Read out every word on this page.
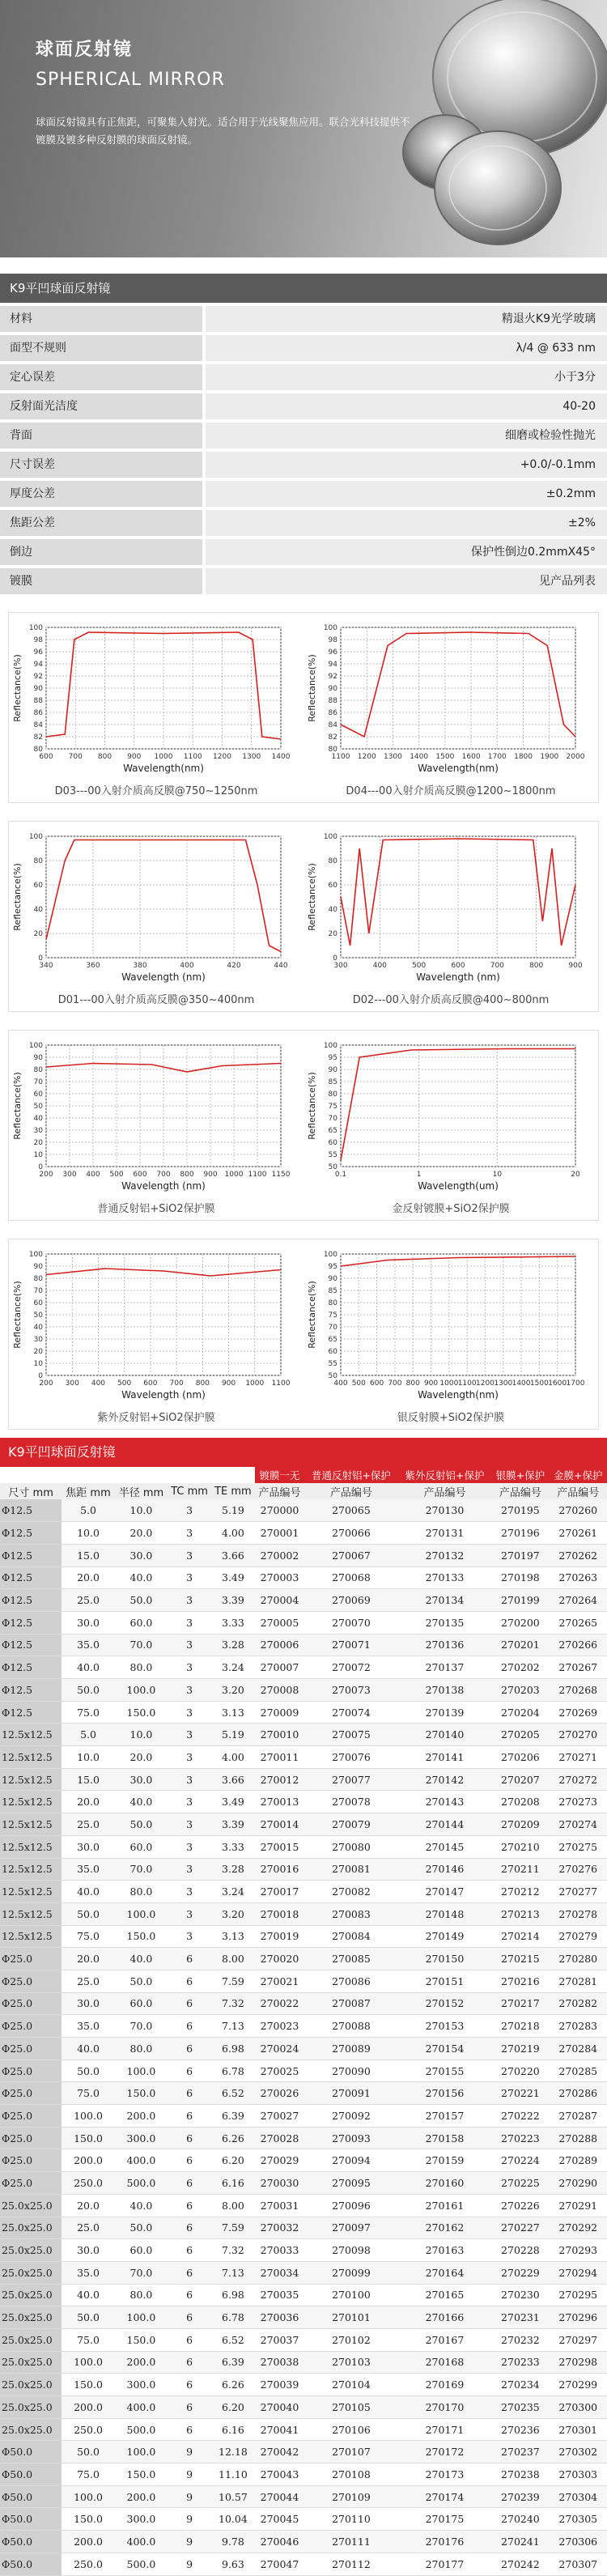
球面反射镜
SPHERICAL MIRROR
球面反射镜具有正焦距，可聚集入射光。适合用于光线聚焦应用。联合光科技提供不镀膜及镀多种反射膜的球面反射镜。
K9平凹球面反射镜
材料	精退火K9光学玻璃
面型不规则	λ/4 @ 633 nm
定心误差	小于3分
反射面光洁度	40-20
背面	细磨或检验性抛光
尺寸误差	+0.0/-0.1mm
厚度公差	±0.2mm
焦距公差	±2%
倒边	保护性倒边0.2mmX45°
镀膜	见产品列表
600 700 800 900 1000 1100 1200 1300 1400
80
82
84
86
88
90
92
94
96
98
100
Wavelength(nm)
Reflectance(%)
D03---00入射介质高反膜@750~1250nm
1100 1200 1300 1400 1500 1600 1700 1800 1900 2000
80
82
84
86
88
90
92
94
96
98
100
Wavelength(nm)
Reflectance(%)
D04---00入射介质高反膜@1200~1800nm
340	360	380	400	420	440
0
20
40
60
80
100
Wavelength (nm)
Reflectance(%)
D01---00入射介质高反膜@350~400nm
300	400	500	600	700	800	900
0
20
40
60
80
100
Wavelength (nm)
Reflectance(%)
D02---00入射介质高反膜@400~800nm
200 300 400 500 600 700 800 900 1000 1100 1150
0
10
20
30
40
50
60
70
80
90
100
Wavelength (nm)
Reflectance(%)
普通反射铝+SiO2保护膜
0.1	1	10	20
50
55
60
65
70
75
80
85
90
95
100
Wavelength(um)
Reflectance(%)
金反射镀膜+SiO2保护膜
200 300 400 500 600 700 800 900 1000 1100
0
10
20
30
40
50
60
70
80
90
100
Wavelength (nm)
Reflectance(%)
紫外反射铝+SiO2保护膜
400 500 600 700 800 900 1000 1100 1200 1300 1400 1500 1600 1700
50
55
60
65
70
75
80
85
90
95
100
Wavelength(nm)
Reflectance(%)
银反射膜+SiO2保护膜
K9平凹球面反射镜
					镀膜一无	普通反射铝+保护	紫外反射铝+保护	银膜+保护	金膜+保护
尺寸 mm	焦距 mm	半径 mm	TC mm	TE mm	产品编号	产品编号	产品编号	产品编号	产品编号
Φ12.5	5.0	10.0	3	5.19	270000	270065	270130	270195	270260
Φ12.5	10.0	20.0	3	4.00	270001	270066	270131	270196	270261
Φ12.5	15.0	30.0	3	3.66	270002	270067	270132	270197	270262
Φ12.5	20.0	40.0	3	3.49	270003	270068	270133	270198	270263
Φ12.5	25.0	50.0	3	3.39	270004	270069	270134	270199	270264
Φ12.5	30.0	60.0	3	3.33	270005	270070	270135	270200	270265
Φ12.5	35.0	70.0	3	3.28	270006	270071	270136	270201	270266
Φ12.5	40.0	80.0	3	3.24	270007	270072	270137	270202	270267
Φ12.5	50.0	100.0	3	3.20	270008	270073	270138	270203	270268
Φ12.5	75.0	150.0	3	3.13	270009	270074	270139	270204	270269
12.5x12.5	5.0	10.0	3	5.19	270010	270075	270140	270205	270270
12.5x12.5	10.0	20.0	3	4.00	270011	270076	270141	270206	270271
12.5x12.5	15.0	30.0	3	3.66	270012	270077	270142	270207	270272
12.5x12.5	20.0	40.0	3	3.49	270013	270078	270143	270208	270273
12.5x12.5	25.0	50.0	3	3.39	270014	270079	270144	270209	270274
12.5x12.5	30.0	60.0	3	3.33	270015	270080	270145	270210	270275
12.5x12.5	35.0	70.0	3	3.28	270016	270081	270146	270211	270276
12.5x12.5	40.0	80.0	3	3.24	270017	270082	270147	270212	270277
12.5x12.5	50.0	100.0	3	3.20	270018	270083	270148	270213	270278
12.5x12.5	75.0	150.0	3	3.13	270019	270084	270149	270214	270279
Φ25.0	20.0	40.0	6	8.00	270020	270085	270150	270215	270280
Φ25.0	25.0	50.0	6	7.59	270021	270086	270151	270216	270281
Φ25.0	30.0	60.0	6	7.32	270022	270087	270152	270217	270282
Φ25.0	35.0	70.0	6	7.13	270023	270088	270153	270218	270283
Φ25.0	40.0	80.0	6	6.98	270024	270089	270154	270219	270284
Φ25.0	50.0	100.0	6	6.78	270025	270090	270155	270220	270285
Φ25.0	75.0	150.0	6	6.52	270026	270091	270156	270221	270286
Φ25.0	100.0	200.0	6	6.39	270027	270092	270157	270222	270287
Φ25.0	150.0	300.0	6	6.26	270028	270093	270158	270223	270288
Φ25.0	200.0	400.0	6	6.20	270029	270094	270159	270224	270289
Φ25.0	250.0	500.0	6	6.16	270030	270095	270160	270225	270290
25.0x25.0	20.0	40.0	6	8.00	270031	270096	270161	270226	270291
25.0x25.0	25.0	50.0	6	7.59	270032	270097	270162	270227	270292
25.0x25.0	30.0	60.0	6	7.32	270033	270098	270163	270228	270293
25.0x25.0	35.0	70.0	6	7.13	270034	270099	270164	270229	270294
25.0x25.0	40.0	80.0	6	6.98	270035	270100	270165	270230	270295
25.0x25.0	50.0	100.0	6	6.78	270036	270101	270166	270231	270296
25.0x25.0	75.0	150.0	6	6.52	270037	270102	270167	270232	270297
25.0x25.0	100.0	200.0	6	6.39	270038	270103	270168	270233	270298
25.0x25.0	150.0	300.0	6	6.26	270039	270104	270169	270234	270299
25.0x25.0	200.0	400.0	6	6.20	270040	270105	270170	270235	270300
25.0x25.0	250.0	500.0	6	6.16	270041	270106	270171	270236	270301
Φ50.0	50.0	100.0	9	12.18	270042	270107	270172	270237	270302
Φ50.0	75.0	150.0	9	11.10	270043	270108	270173	270238	270303
Φ50.0	100.0	200.0	9	10.57	270044	270109	270174	270239	270304
Φ50.0	150.0	300.0	9	10.04	270045	270110	270175	270240	270305
Φ50.0	200.0	400.0	9	9.78	270046	270111	270176	270241	270306
Φ50.0	250.0	500.0	9	9.63	270047	270112	270177	270242	270307
